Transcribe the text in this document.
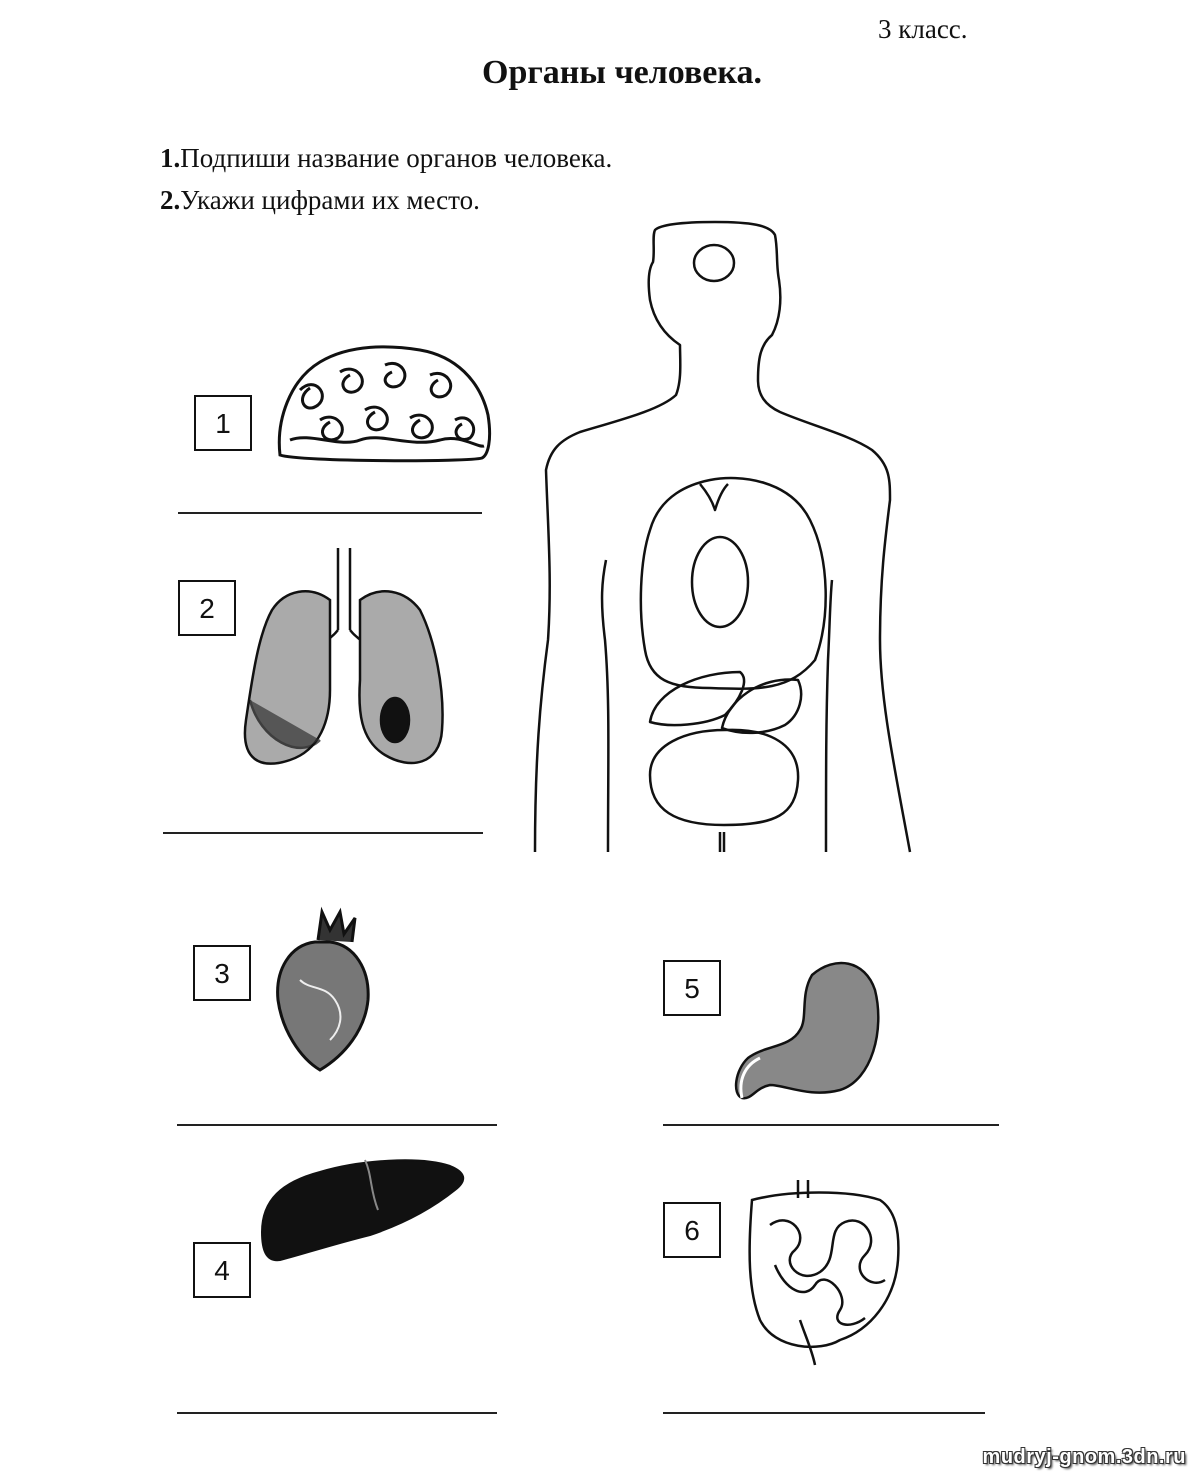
3 класс.
Органы человека.
1.Подпиши название органов человека.
2.Укажи цифрами их место.
1
2
3
4
5
6
mudryj-gnom.3dn.ru
